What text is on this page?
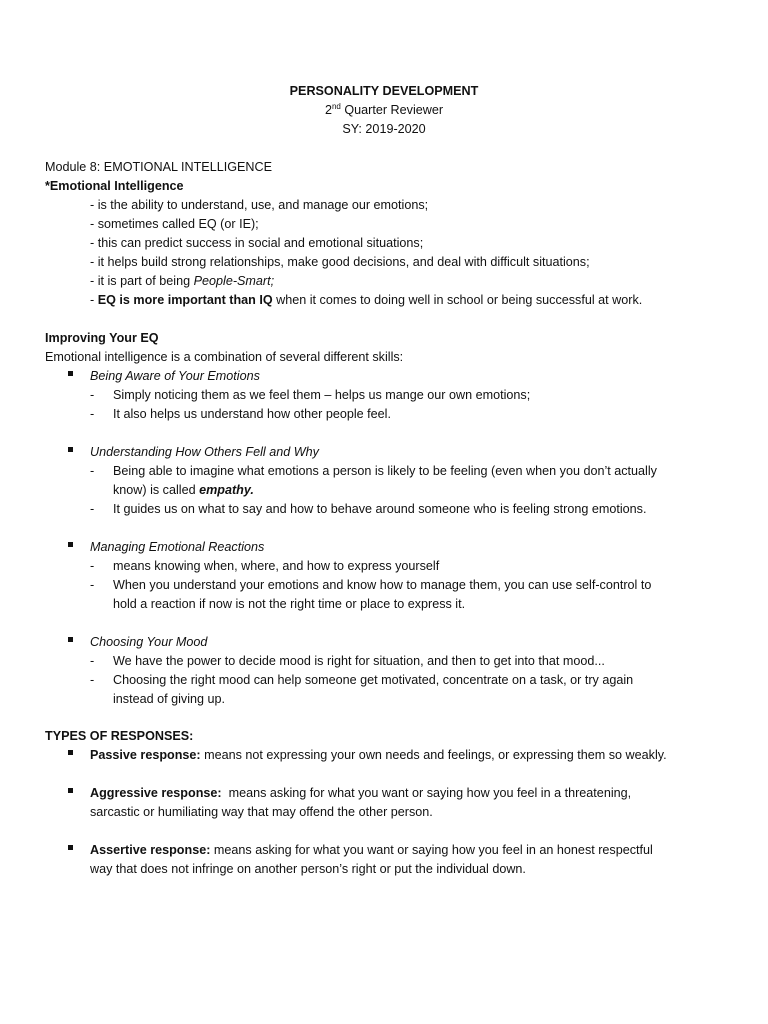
PERSONALITY DEVELOPMENT
2nd Quarter Reviewer
SY: 2019-2020
Module 8: EMOTIONAL INTELLIGENCE
*Emotional Intelligence
- is the ability to understand, use, and manage our emotions;
- sometimes called EQ (or IE);
- this can predict success in social and emotional situations;
- it helps build strong relationships, make good decisions, and deal with difficult situations;
- it is part of being People-Smart;
- EQ is more important than IQ when it comes to doing well in school or being successful at work.
Improving Your EQ
Emotional intelligence is a combination of several different skills:
Being Aware of Your Emotions
- Simply noticing them as we feel them – helps us mange our own emotions;
- It also helps us understand how other people feel.
Understanding How Others Fell and Why
- Being able to imagine what emotions a person is likely to be feeling (even when you don’t actually
know) is called empathy.
- It guides us on what to say and how to behave around someone who is feeling strong emotions.
Managing Emotional Reactions
- means knowing when, where, and how to express yourself
- When you understand your emotions and know how to manage them, you can use self-control to
hold a reaction if now is not the right time or place to express it.
Choosing Your Mood
- We have the power to decide mood is right for situation, and then to get into that mood...
- Choosing the right mood can help someone get motivated, concentrate on a task, or try again
instead of giving up.
TYPES OF RESPONSES:
Passive response: means not expressing your own needs and feelings, or expressing them so weakly.
Aggressive response:  means asking for what you want or saying how you feel in a threatening,
sarcastic or humiliating way that may offend the other person.
Assertive response: means asking for what you want or saying how you feel in an honest respectful
way that does not infringe on another person’s right or put the individual down.
